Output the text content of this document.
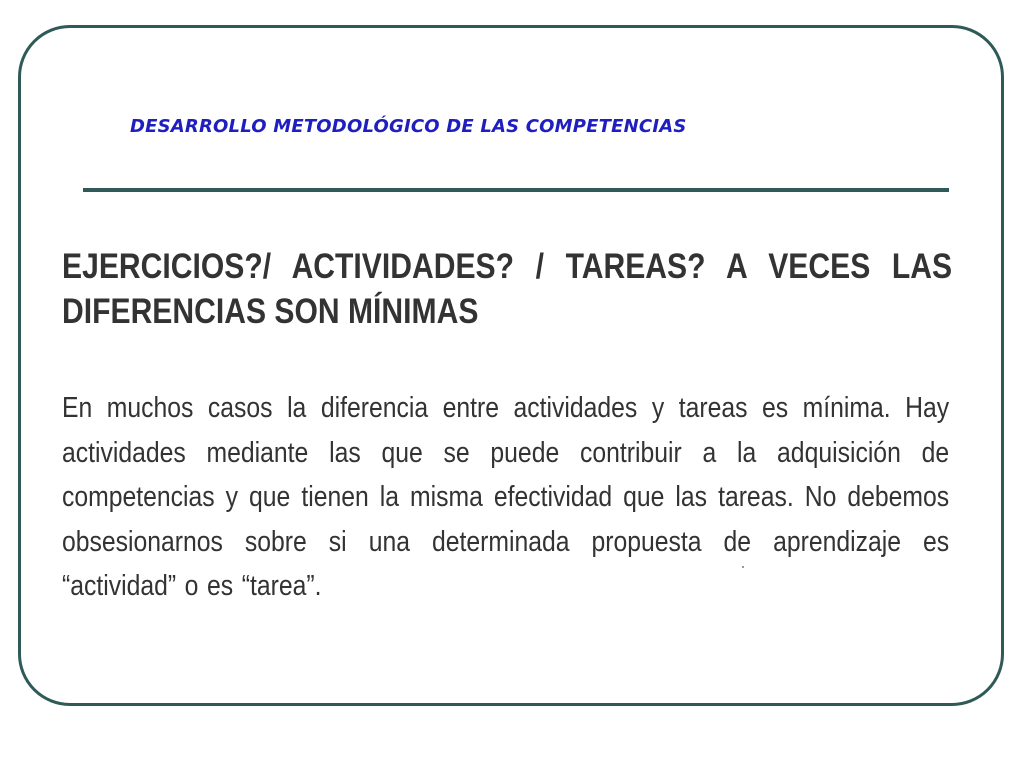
DESARROLLO METODOLÓGICO DE LAS COMPETENCIAS
EJERCICIOS?/ ACTIVIDADES? / TAREAS? A VECES LAS DIFERENCIAS SON MÍNIMAS

En muchos casos la diferencia entre actividades y tareas es mínima. Hay actividades mediante las que se puede contribuir a la adquisición de competencias y que tienen la misma efectividad que las tareas. No debemos obsesionarnos sobre si una determinada propuesta de aprendizaje es “actividad” o es “tarea”.
